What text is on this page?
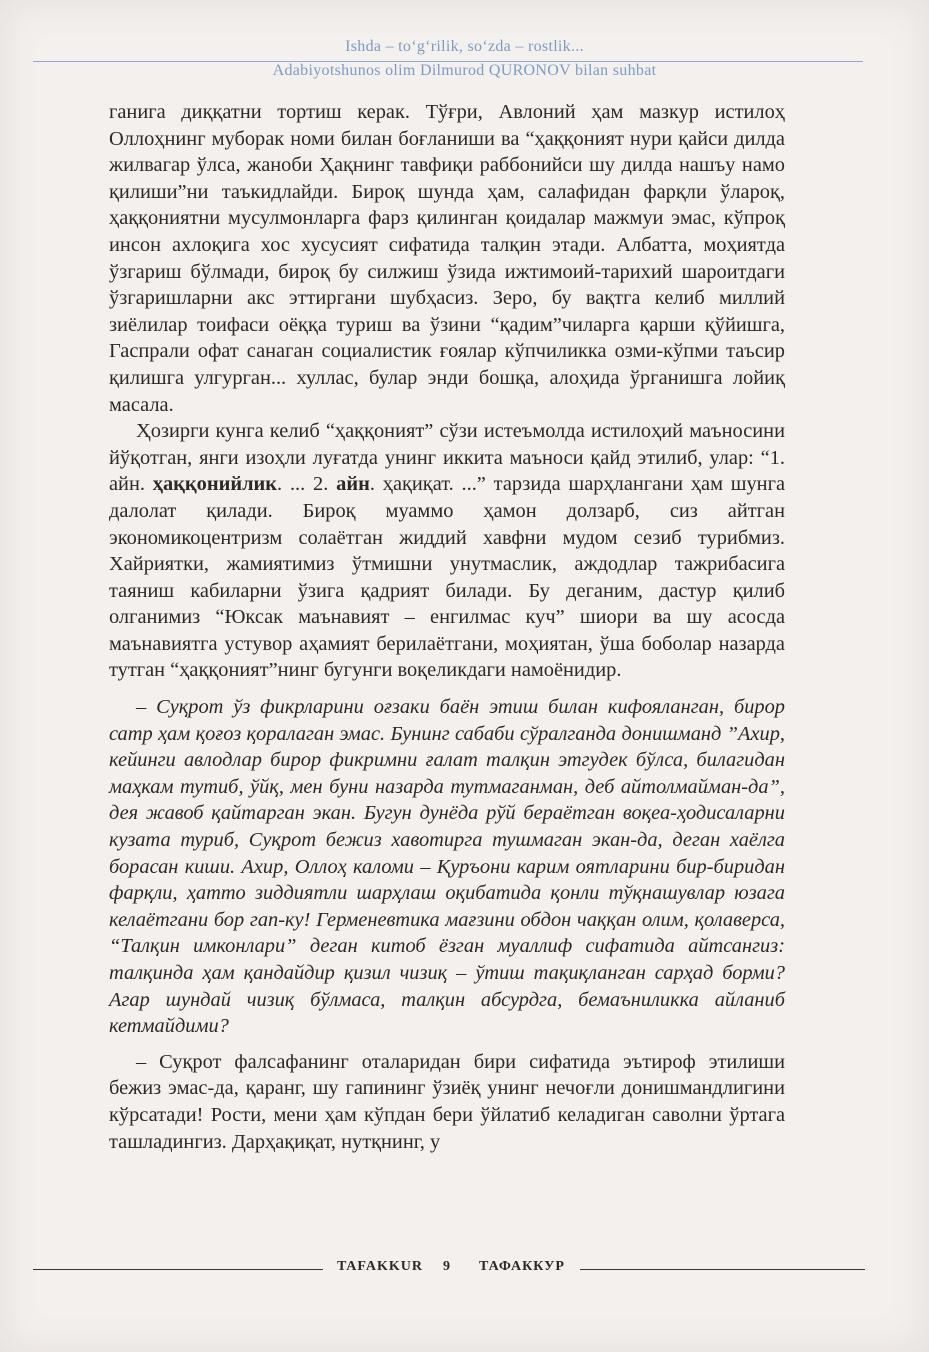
Ishda – to‘g‘rilik, so‘zda – rostlik...
Adabiyotshunos olim Dilmurod QURONOV bilan suhbat

ганига диққатни тортиш керак. Тўғри, Авлоний ҳам мазкур истилоҳ Оллоҳнинг муборак номи билан боғланиши ва “ҳаққоният нури қайси дилда жилвагар ўлса, жаноби Ҳақнинг тавфиқи раббонийси шу дилда нашъу намо қилиши”ни таъкидлайди. Бироқ шунда ҳам, салафидан фарқли ўлароқ, ҳаққониятни мусулмонларга фарз қилинган қоидалар мажмуи эмас, кўпроқ инсон ахлоқига хос хусусият сифатида талқин этади. Албатта, моҳиятда ўзгариш бўлмади, бироқ бу силжиш ўзида ижтимоий-тарихий шароитдаги ўзгаришларни акс эттиргани шубҳасиз. Зеро, бу вақтга келиб миллий зиёлилар тоифаси оёққа туриш ва ўзини “қадим”чиларга қарши қўйишга, Гаспрали офат санаган социалистик ғоялар кўпчиликка озми-кўпми таъсир қилишга улгурган... хуллас, булар энди бошқа, алоҳида ўрганишга лойиқ масала.

Ҳозирги кунга келиб “ҳаққоният” сўзи истеъмолда истилоҳий маъносини йўқотган, янги изоҳли луғатда унинг иккита маъноси қайд этилиб, улар: “1. айн. ҳаққонийлик. ... 2. айн. ҳақиқат. ...” тарзида шарҳлангани ҳам шунга далолат қилади. Бироқ муаммо ҳамон долзарб, сиз айтган экономикоцентризм солаётган жиддий хавфни мудом сезиб турибмиз. Хайриятки, жамиятимиз ўтмишни унутмаслик, аждодлар тажрибасига таяниш кабиларни ўзига қадрият билади. Бу деганим, дастур қилиб олганимиз “Юксак маънавият – енгилмас куч” шиори ва шу асосда маънавиятга устувор аҳамият берилаётгани, моҳиятан, ўша боболар назарда тутган “ҳаққоният”нинг бугунги воқеликдаги намоёнидир.

– Суқрот ўз фикрларини оғзаки баён этиш билан кифояланган, бирор сатр ҳам қоғоз қоралаган эмас. Бунинг сабаби сўралганда донишманд ”Ахир, кейинги авлодлар бирор фикримни ғалат талқин этгудек бўлса, билагидан маҳкам тутиб, ўйқ, мен буни назарда тутмаганман, деб айтолмайман-да”, дея жавоб қайтарган экан. Бугун дунёда рўй бераётган воқеа-ҳодисаларни кузата туриб, Суқрот бежиз хавотирга тушмаган экан-да, деган хаёлга борасан киши. Ахир, Оллоҳ каломи – Қуръони карим оятларини бир-биридан фарқли, ҳатто зиддиятли шарҳлаш оқибатида қонли тўқнашувлар юзага келаётгани бор гап-ку! Герменевтика мағзини обдон чаққан олим, қолаверса, “Талқин имконлари” деган китоб ёзган муаллиф сифатида айтсангиз: талқинда ҳам қандайдир қизил чизиқ – ўтиш тақиқланган сарҳад борми? Агар шундай чизиқ бўлмаса, талқин абсурдга, бемаъниликка айланиб кетмайдими?

– Суқрот фалсафанинг оталаридан бири сифатида эътироф этилиши бежиз эмас-да, қаранг, шу гапининг ўзиёқ унинг нечоғли донишмандлигини кўрсатади! Рости, мени ҳам кўпдан бери ўйлатиб келадиган саволни ўртага ташладингиз. Дарҳақиқат, нутқнинг, у

TAFAKKUR 9 ТАФАККУР
